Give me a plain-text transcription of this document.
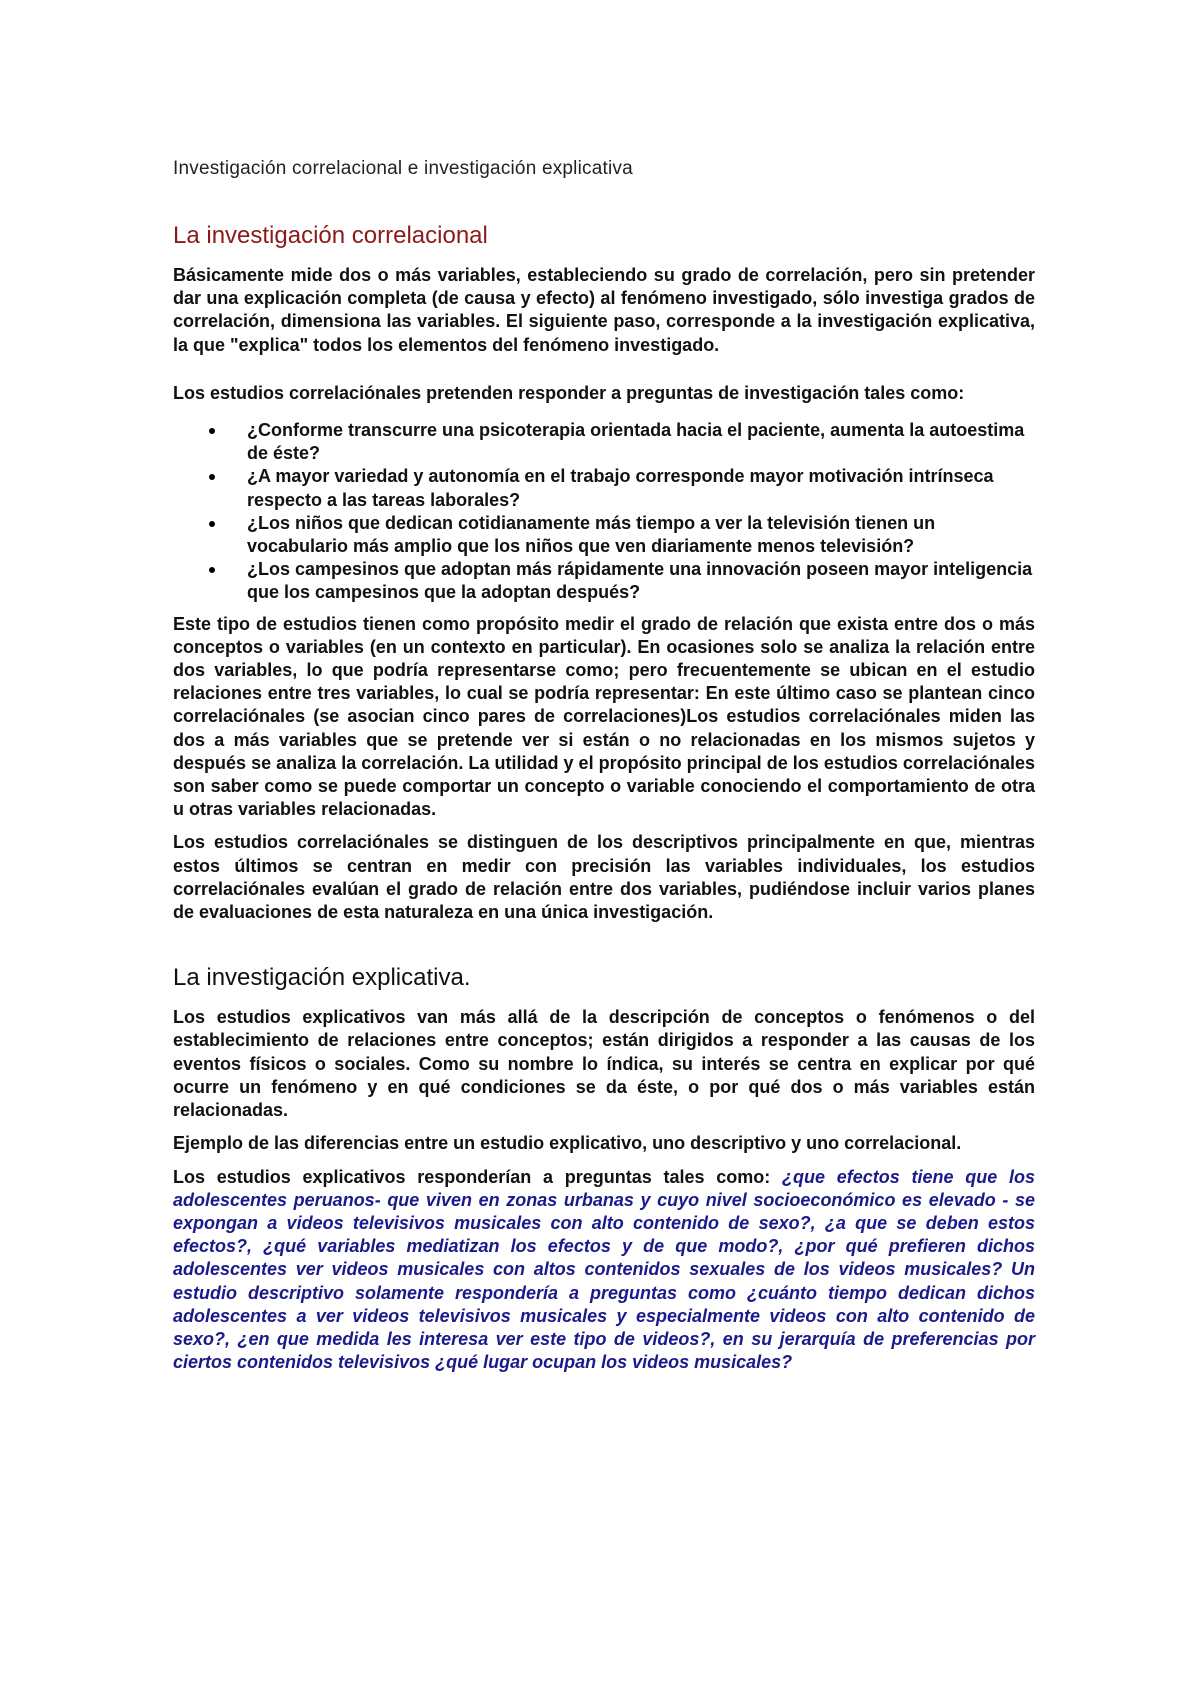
Investigación correlacional e investigación explicativa
La investigación correlacional

Básicamente mide dos o más variables, estableciendo su grado de correlación, pero sin pretender dar una explicación completa (de causa y efecto) al fenómeno investigado, sólo investiga grados de correlación, dimensiona las variables. El siguiente paso, corresponde a la investigación explicativa, la que "explica" todos los elementos del fenómeno investigado.

Los estudios correlaciónales pretenden responder a preguntas de investigación tales como:

¿Conforme transcurre una psicoterapia orientada hacia el paciente, aumenta la autoestima de éste?
¿A mayor variedad y autonomía en el trabajo corresponde mayor motivación intrínseca respecto a las tareas laborales?
¿Los niños que dedican cotidianamente más tiempo a ver la televisión tienen un vocabulario más amplio que los niños que ven diariamente menos televisión?
¿Los campesinos que adoptan más rápidamente una innovación poseen mayor inteligencia que los campesinos que la adoptan después?

Este tipo de estudios tienen como propósito medir el grado de relación que exista entre dos o más conceptos o variables (en un contexto en particular). En ocasiones solo se analiza la relación entre dos variables, lo que podría representarse como; pero frecuentemente se ubican en el estudio relaciones entre tres variables, lo cual se podría representar: En este último caso se plantean cinco correlaciónales (se asocian cinco pares de correlaciones)Los estudios correlaciónales miden las dos a más variables que se pretende ver si están o no relacionadas en los mismos sujetos y después se analiza la correlación. La utilidad y el propósito principal de los estudios correlaciónales son saber como se puede comportar un concepto o variable conociendo el comportamiento de otra u otras variables relacionadas.

Los estudios correlaciónales se distinguen de los descriptivos principalmente en que, mientras estos últimos se centran en medir con precisión las variables individuales, los estudios correlaciónales evalúan el grado de relación entre dos variables, pudiéndose incluir varios planes de evaluaciones de esta naturaleza en una única investigación.

La investigación explicativa.

Los estudios explicativos van más allá de la descripción de conceptos o fenómenos o del establecimiento de relaciones entre conceptos; están dirigidos a responder a las causas de los eventos físicos o sociales. Como su nombre lo índica, su interés se centra en explicar por qué ocurre un fenómeno y en qué condiciones se da éste, o por qué dos o más variables están relacionadas.

Ejemplo de las diferencias entre un estudio explicativo, uno descriptivo y uno correlacional.

Los estudios explicativos responderían a preguntas tales como: ¿que efectos tiene que los adolescentes peruanos- que viven en zonas urbanas y cuyo nivel socioeconómico es elevado - se expongan a videos televisivos musicales con alto contenido de sexo?, ¿a que se deben estos efectos?, ¿qué variables mediatizan los efectos y de que modo?, ¿por qué prefieren dichos adolescentes ver videos musicales con altos contenidos sexuales de los videos musicales? Un estudio descriptivo solamente respondería a preguntas como ¿cuánto tiempo dedican dichos adolescentes a ver videos televisivos musicales y especialmente videos con alto contenido de sexo?, ¿en que medida les interesa ver este tipo de videos?, en su jerarquía de preferencias por ciertos contenidos televisivos ¿qué lugar ocupan los videos musicales?
